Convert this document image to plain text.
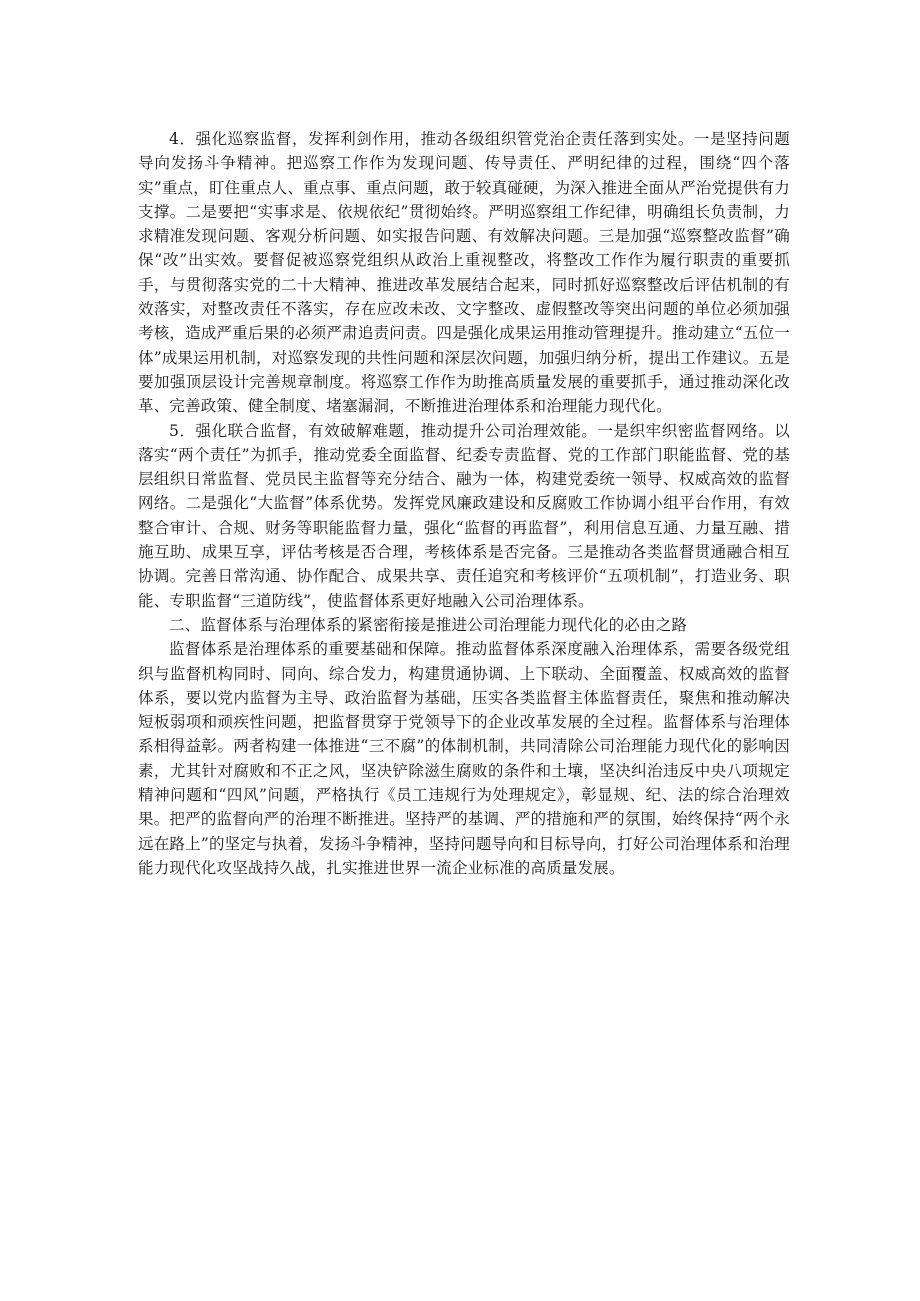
4．强化巡察监督，发挥利剑作用，推动各级组织管党治企责任落到实处。一是坚持问题导向发扬斗争精神。把巡察工作作为发现问题、传导责任、严明纪律的过程，围绕“四个落实”重点，盯住重点人、重点事、重点问题，敢于较真碰硬，为深入推进全面从严治党提供有力支撑。二是要把“实事求是、依规依纪”贯彻始终。严明巡察组工作纪律，明确组长负责制，力求精准发现问题、客观分析问题、如实报告问题、有效解决问题。三是加强“巡察整改监督”确保“改”出实效。要督促被巡察党组织从政治上重视整改，将整改工作作为履行职责的重要抓手，与贯彻落实党的二十大精神、推进改革发展结合起来，同时抓好巡察整改后评估机制的有效落实，对整改责任不落实，存在应改未改、文字整改、虚假整改等突出问题的单位必须加强考核，造成严重后果的必须严肃追责问责。四是强化成果运用推动管理提升。推动建立“五位一体”成果运用机制，对巡察发现的共性问题和深层次问题，加强归纳分析，提出工作建议。五是要加强顶层设计完善规章制度。将巡察工作作为助推高质量发展的重要抓手，通过推动深化改革、完善政策、健全制度、堵塞漏洞，不断推进治理体系和治理能力现代化。

5．强化联合监督，有效破解难题，推动提升公司治理效能。一是织牢织密监督网络。以落实“两个责任”为抓手，推动党委全面监督、纪委专责监督、党的工作部门职能监督、党的基层组织日常监督、党员民主监督等充分结合、融为一体，构建党委统一领导、权威高效的监督网络。二是强化“大监督”体系优势。发挥党风廉政建设和反腐败工作协调小组平台作用，有效整合审计、合规、财务等职能监督力量，强化“监督的再监督”，利用信息互通、力量互融、措施互助、成果互享，评估考核是否合理，考核体系是否完备。三是推动各类监督贯通融合相互协调。完善日常沟通、协作配合、成果共享、责任追究和考核评价“五项机制”，打造业务、职能、专职监督“三道防线”，使监督体系更好地融入公司治理体系。

二、监督体系与治理体系的紧密衔接是推进公司治理能力现代化的必由之路

监督体系是治理体系的重要基础和保障。推动监督体系深度融入治理体系，需要各级党组织与监督机构同时、同向、综合发力，构建贯通协调、上下联动、全面覆盖、权威高效的监督体系，要以党内监督为主导、政治监督为基础，压实各类监督主体监督责任，聚焦和推动解决短板弱项和顽疾性问题，把监督贯穿于党领导下的企业改革发展的全过程。监督体系与治理体系相得益彰。两者构建一体推进“三不腐”的体制机制，共同清除公司治理能力现代化的影响因素，尤其针对腐败和不正之风，坚决铲除滋生腐败的条件和土壤，坚决纠治违反中央八项规定精神问题和“四风”问题，严格执行《员工违规行为处理规定》，彰显规、纪、法的综合治理效果。把严的监督向严的治理不断推进。坚持严的基调、严的措施和严的氛围，始终保持“两个永远在路上”的坚定与执着，发扬斗争精神，坚持问题导向和目标导向，打好公司治理体系和治理能力现代化攻坚战持久战，扎实推进世界一流企业标准的高质量发展。
